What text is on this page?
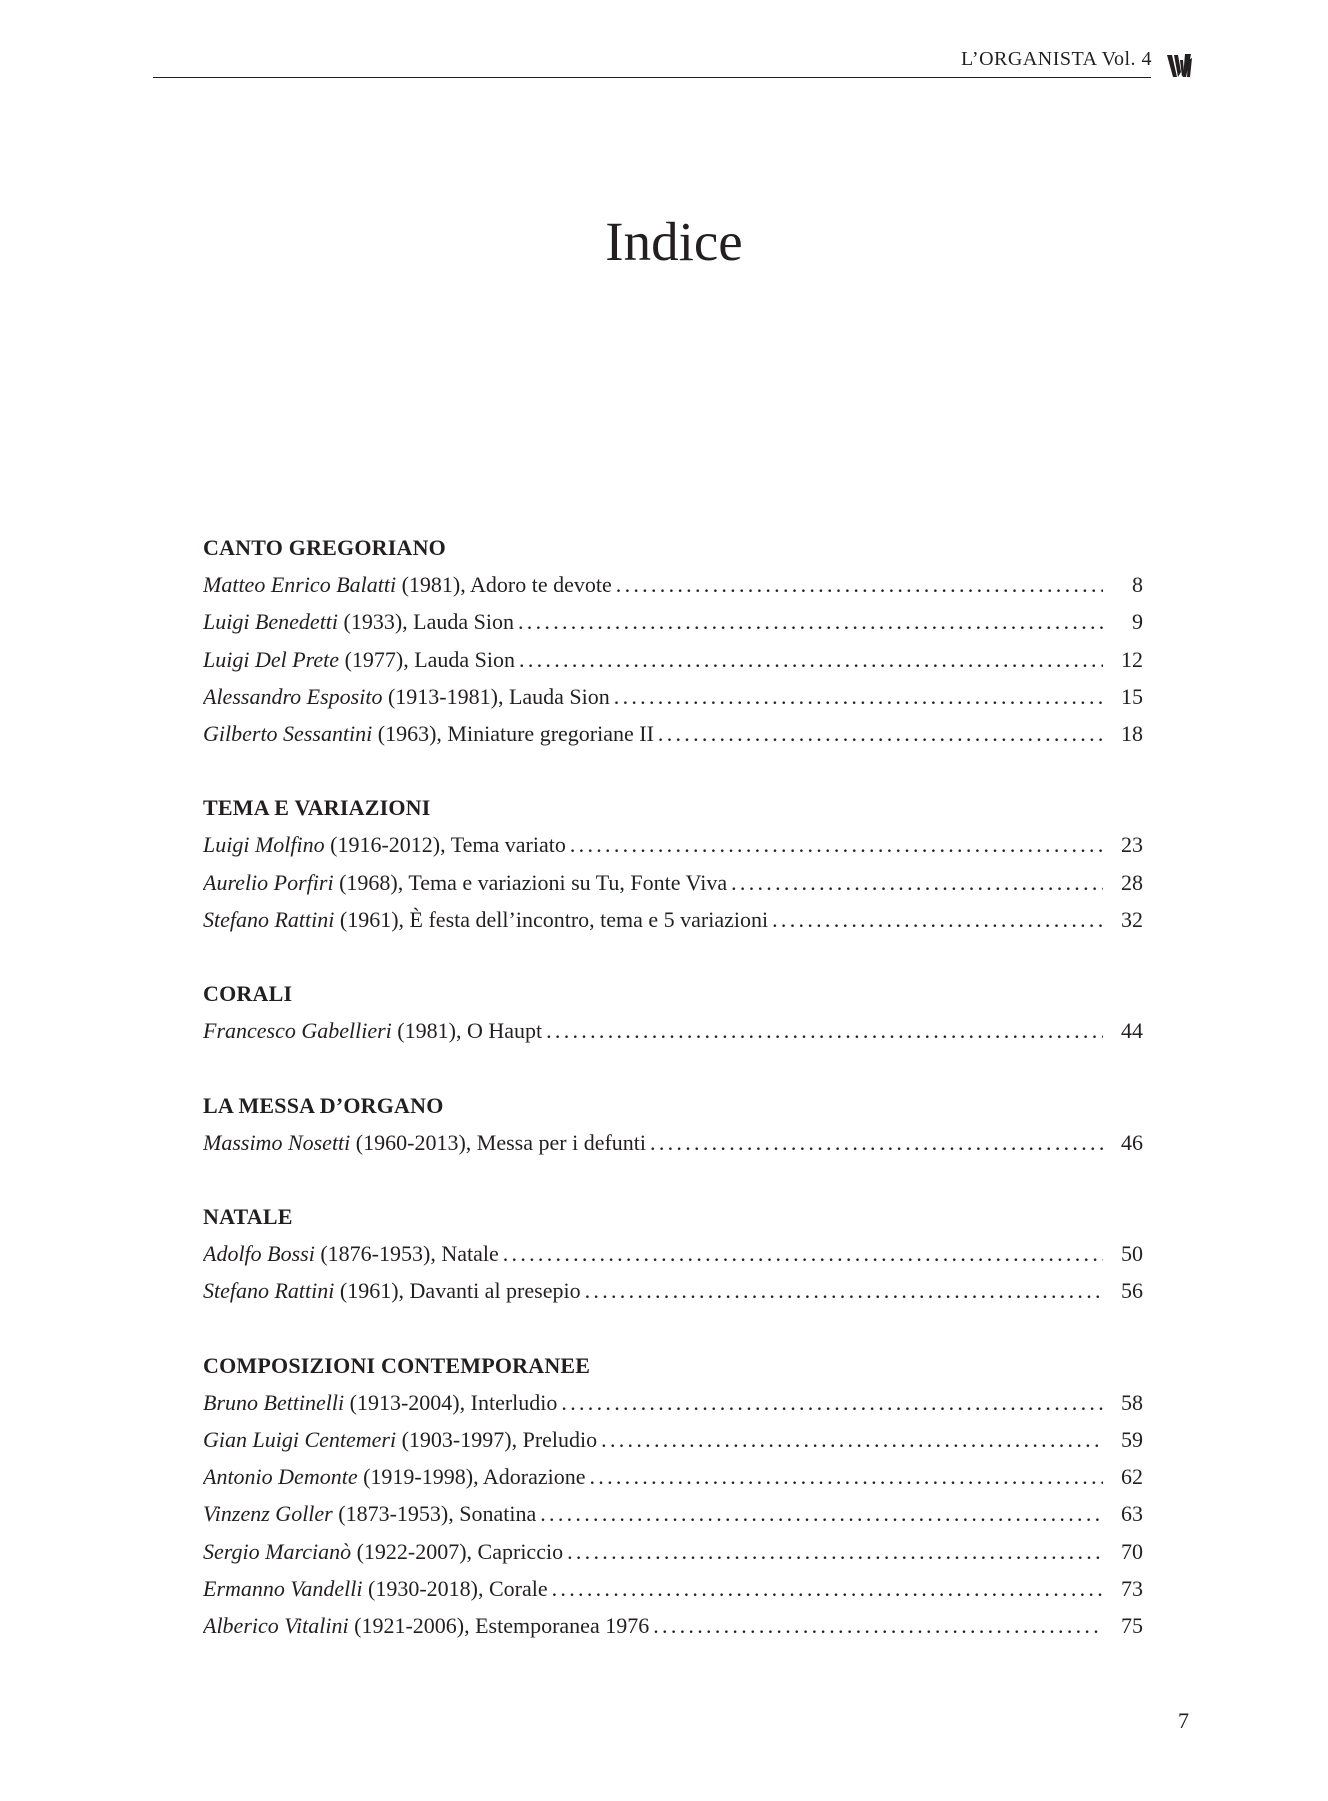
L’ORGANISTA Vol. 4
Indice
CANTO GREGORIANO
Matteo Enrico Balatti (1981), Adoro te devote . . .	8
Luigi Benedetti (1933), Lauda Sion . . .	9
Luigi Del Prete (1977), Lauda Sion . . .	12
Alessandro Esposito (1913-1981), Lauda Sion . . .	15
Gilberto Sessantini (1963), Miniature gregoriane II . . .	18
TEMA E VARIAZIONI
Luigi Molfino (1916-2012), Tema variato . . .	23
Aurelio Porfiri (1968), Tema e variazioni su Tu, Fonte Viva . . .	28
Stefano Rattini (1961), È festa dell’incontro, tema e 5 variazioni . . .	32
CORALI
Francesco Gabellieri (1981), O Haupt . . .	44
LA MESSA D’ORGANO
Massimo Nosetti (1960-2013), Messa per i defunti . . .	46
NATALE
Adolfo Bossi (1876-1953), Natale . . .	50
Stefano Rattini (1961), Davanti al presepio . . .	56
COMPOSIZIONI CONTEMPORANEE
Bruno Bettinelli (1913-2004), Interludio . . .	58
Gian Luigi Centemeri (1903-1997), Preludio . . .	59
Antonio Demonte (1919-1998), Adorazione . . .	62
Vinzenz Goller (1873-1953), Sonatina . . .	63
Sergio Marcianò (1922-2007), Capriccio . . .	70
Ermanno Vandelli (1930-2018), Corale . . .	73
Alberico Vitalini (1921-2006), Estemporanea 1976 . . .	75
7
